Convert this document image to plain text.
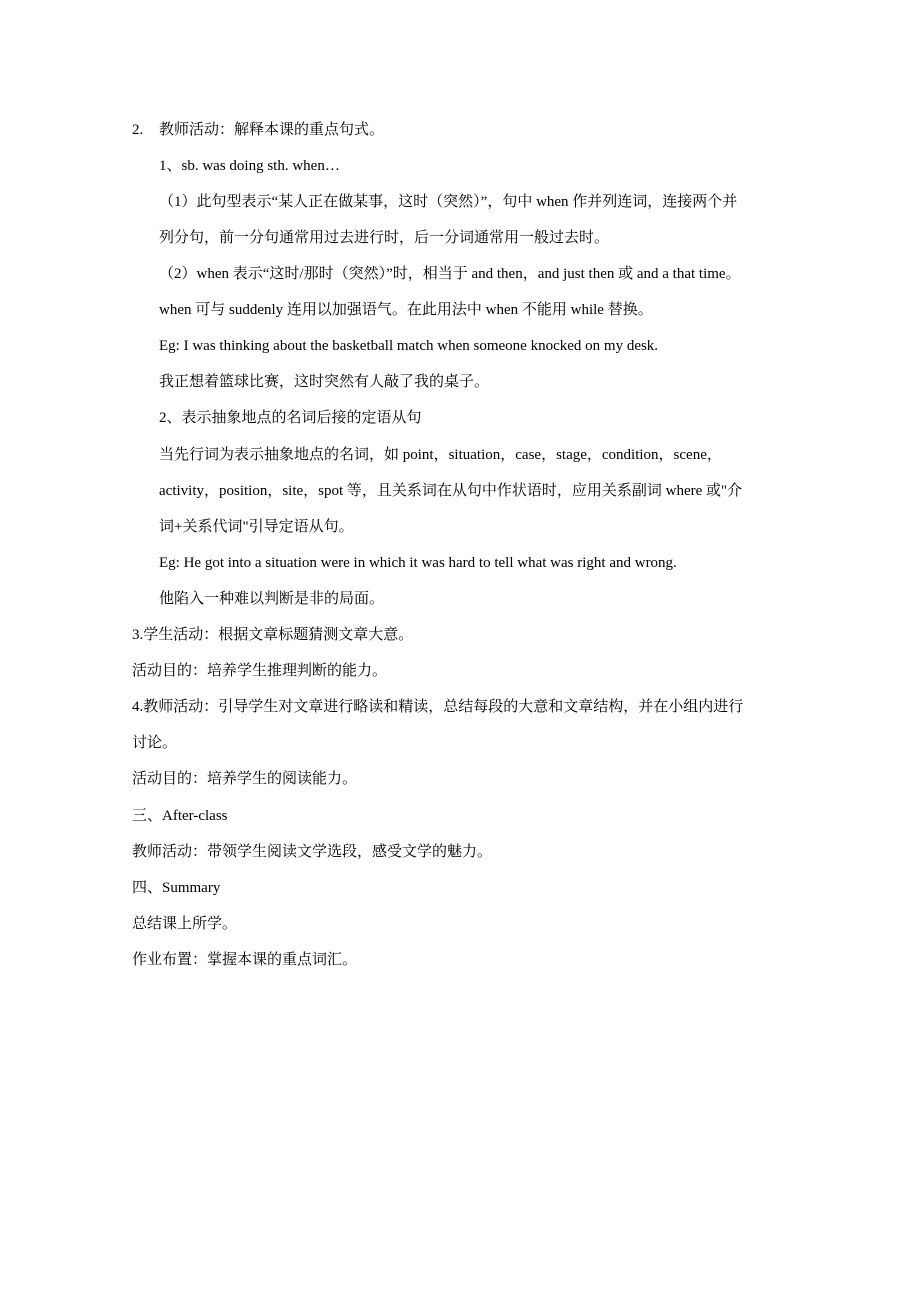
2. 教师活动：解释本课的重点句式。
1、sb. was doing sth. when…
（1）此句型表示“某人正在做某事，这时（突然）”，句中 when 作并列连词，连接两个并
列分句，前一分句通常用过去进行时，后一分词通常用一般过去时。
（2）when 表示“这时/那时（突然）”时，相当于 and then，and just then 或 and a that time。
when 可与 suddenly 连用以加强语气。在此用法中 when 不能用 while 替换。
Eg: I was thinking about the basketball match when someone knocked on my desk.
我正想着篮球比赛，这时突然有人敲了我的桌子。
2、表示抽象地点的名词后接的定语从句
当先行词为表示抽象地点的名词，如 point，situation，case，stage，condition，scene，
activity，position，site，spot 等，且关系词在从句中作状语时，应用关系副词 where 或"介
词+关系代词"引导定语从句。
Eg: He got into a situation were in which it was hard to tell what was right and wrong.
他陷入一种难以判断是非的局面。
3.学生活动：根据文章标题猜测文章大意。
活动目的：培养学生推理判断的能力。
4.教师活动：引导学生对文章进行略读和精读，总结每段的大意和文章结构，并在小组内进行
讨论。
活动目的：培养学生的阅读能力。
三、After-class
教师活动：带领学生阅读文学选段，感受文学的魅力。
四、Summary
总结课上所学。
作业布置：掌握本课的重点词汇。
